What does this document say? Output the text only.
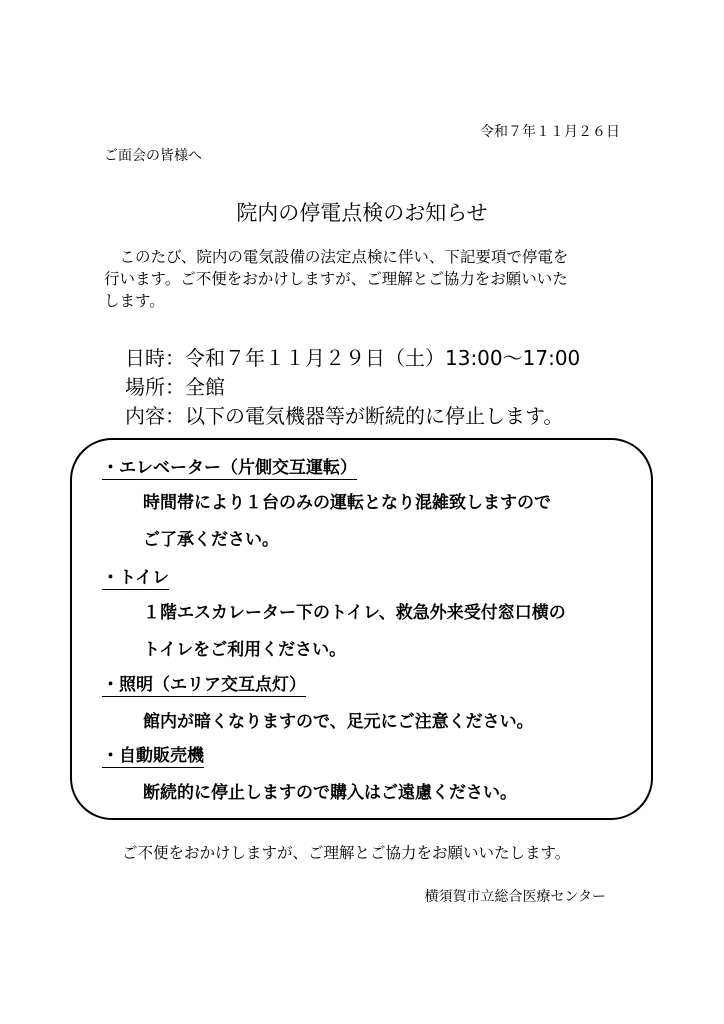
令和７年１１月２６日
ご面会の皆様へ
院内の停電点検のお知らせ
　このたび、院内の電気設備の法定点検に伴い、下記要項で停電を
行います。ご不便をおかけしますが、ご理解とご協力をお願いいた
します。
日時：令和７年１１月２９日（土）13:00～17:00
場所：全館
内容：以下の電気機器等が断続的に停止します。
・エレベーター（片側交互運転）
時間帯により１台のみの運転となり混雑致しますので
ご了承ください。
・トイレ
１階エスカレーター下のトイレ、救急外来受付窓口横の
トイレをご利用ください。
・照明（エリア交互点灯）
館内が暗くなりますので、足元にご注意ください。
・自動販売機
断続的に停止しますので購入はご遠慮ください。
ご不便をおかけしますが、ご理解とご協力をお願いいたします。
横須賀市立総合医療センター
